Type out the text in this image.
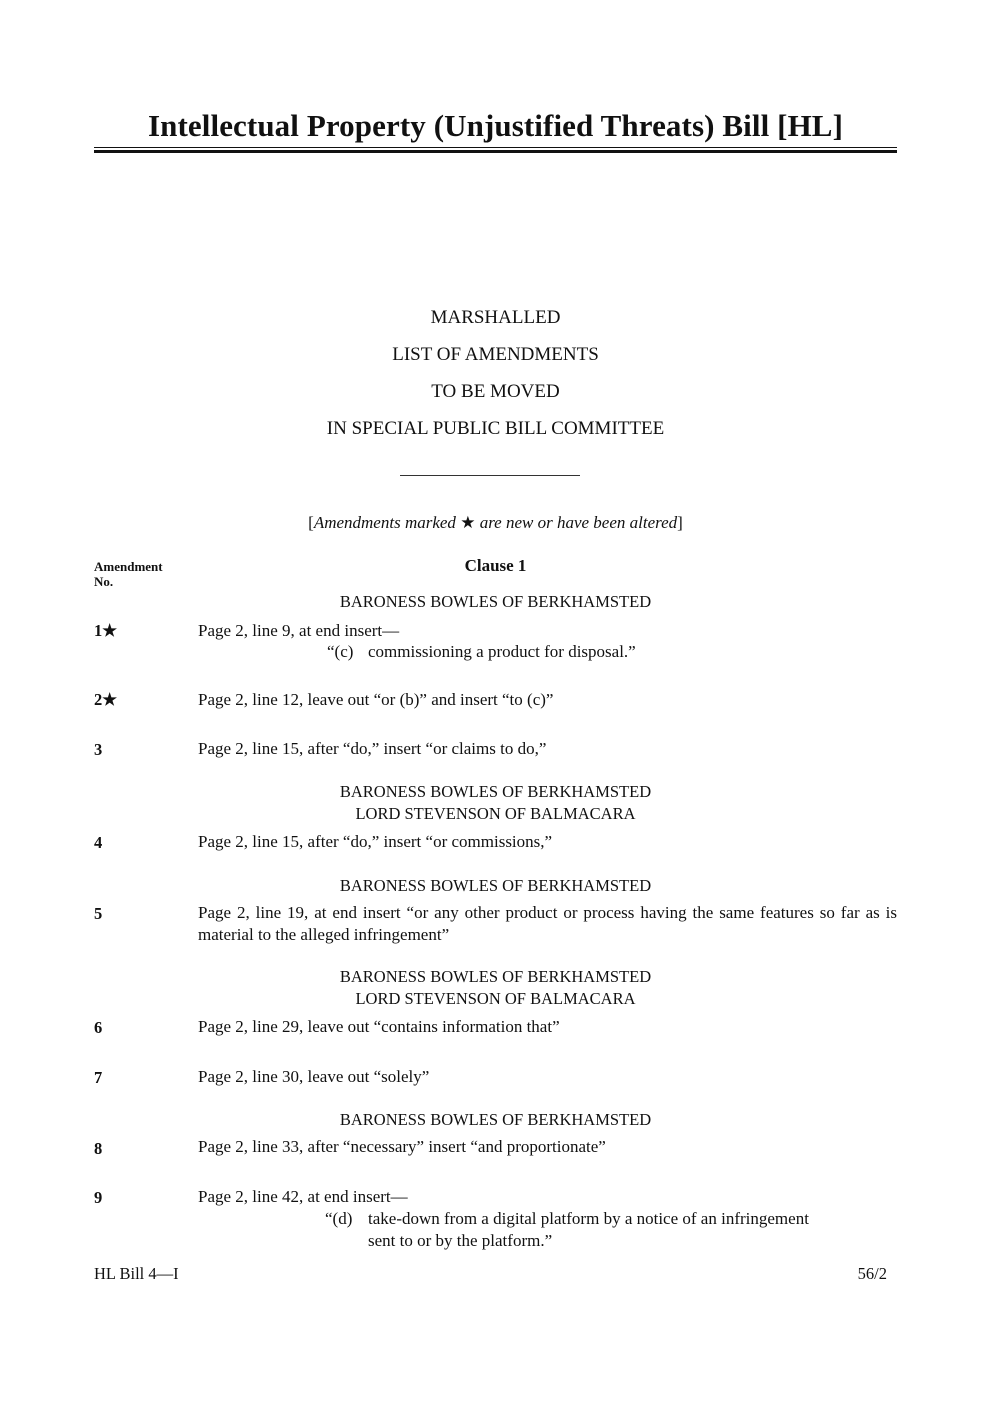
Intellectual Property (Unjustified Threats) Bill [HL]
MARSHALLED
LIST OF AMENDMENTS
TO BE MOVED
IN SPECIAL PUBLIC BILL COMMITTEE
[Amendments marked ★ are new or have been altered]
Amendment
No.
Clause 1
BARONESS BOWLES OF BERKHAMSTED
1★	Page 2, line 9, at end insert—
“(c) commissioning a product for disposal.”
2★	Page 2, line 12, leave out “or (b)” and insert “to (c)”
3	Page 2, line 15, after “do,” insert “or claims to do,”
BARONESS BOWLES OF BERKHAMSTED
LORD STEVENSON OF BALMACARA
4	Page 2, line 15, after “do,” insert “or commissions,”
BARONESS BOWLES OF BERKHAMSTED
5	Page 2, line 19, at end insert “or any other product or process having the same features so far as is material to the alleged infringement”
BARONESS BOWLES OF BERKHAMSTED
LORD STEVENSON OF BALMACARA
6	Page 2, line 29, leave out “contains information that”
7	Page 2, line 30, leave out “solely”
BARONESS BOWLES OF BERKHAMSTED
8	Page 2, line 33, after “necessary” insert “and proportionate”
9	Page 2, line 42, at end insert—
“(d) take-down from a digital platform by a notice of an infringement
sent to or by the platform.”
HL Bill 4—I	56/2
